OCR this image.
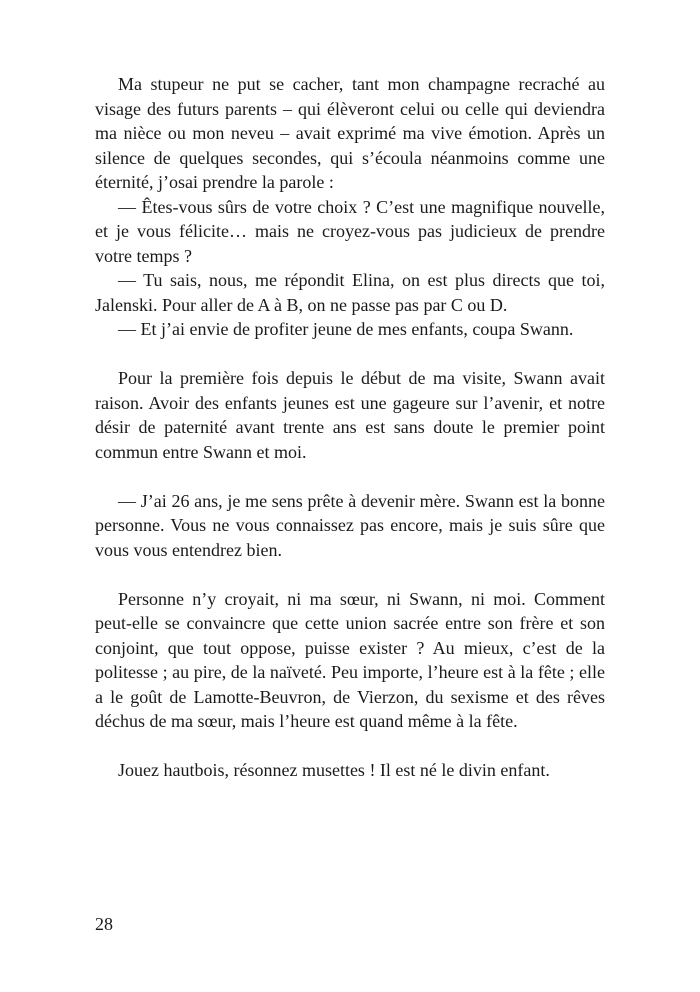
Ma stupeur ne put se cacher, tant mon champagne recraché au
visage des futurs parents – qui élèveront celui ou celle qui deviendra
ma nièce ou mon neveu – avait exprimé ma vive émotion. Après un
silence de quelques secondes, qui s’écoula néanmoins comme une
éternité, j’osai prendre la parole :
— Êtes-vous sûrs de votre choix ? C’est une magnifique nouvelle,
et je vous félicite… mais ne croyez-vous pas judicieux de prendre
votre temps ?
— Tu sais, nous, me répondit Elina, on est plus directs que toi,
Jalenski. Pour aller de A à B, on ne passe pas par C ou D.
— Et j’ai envie de profiter jeune de mes enfants, coupa Swann.
Pour la première fois depuis le début de ma visite, Swann avait
raison. Avoir des enfants jeunes est une gageure sur l’avenir, et notre
désir de paternité avant trente ans est sans doute le premier point
commun entre Swann et moi.
— J’ai 26 ans, je me sens prête à devenir mère. Swann est la bonne
personne. Vous ne vous connaissez pas encore, mais je suis sûre que
vous vous entendrez bien.
Personne n’y croyait, ni ma sœur, ni Swann, ni moi. Comment
peut-elle se convaincre que cette union sacrée entre son frère et son
conjoint, que tout oppose, puisse exister ? Au mieux, c’est de la
politesse ; au pire, de la naïveté. Peu importe, l’heure est à la fête ; elle
a le goût de Lamotte-Beuvron, de Vierzon, du sexisme et des rêves
déchus de ma sœur, mais l’heure est quand même à la fête.
Jouez hautbois, résonnez musettes ! Il est né le divin enfant.
28
